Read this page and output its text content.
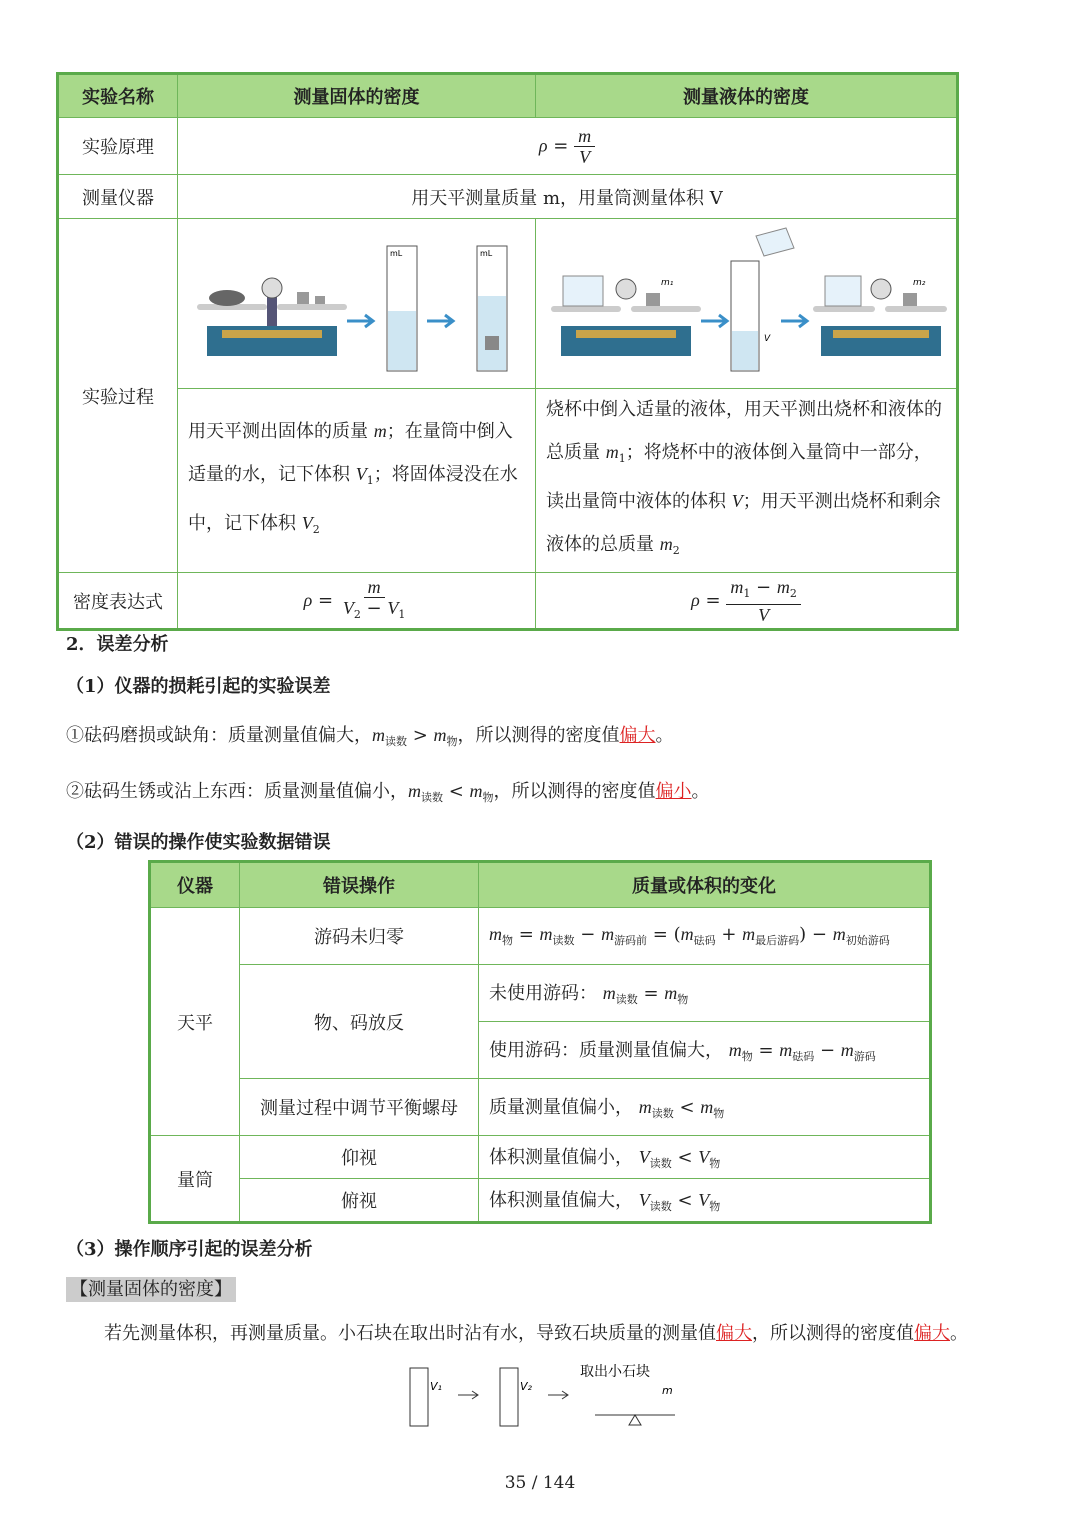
实验名称	测量固体的密度	测量液体的密度
实验原理	$\rho = \frac{m}{V}$

测量仪器	用天平测量质量 m，用量筒测量体积 V	
实验过程	mL mL	m₁
V
m₂

	用天平测出固体的质量 m；在量筒中倒入适量的水，记下体积 $V_1$；将固体浸没在水中，记下体积 $V_2$	烧杯中倒入适量的液体，用天平测出烧杯和液体的总质量 $m_1$；将烧杯中的液体倒入量筒中一部分，读出量筒中液体的体积 V；用天平测出烧杯和剩余液体的总质量 $m_2$
密度表达式	$\rho = \frac{m}{V_2 - V_1}$	$\rho = \frac{m_1 - m_2}{V}$
2．误差分析
（1）仪器的损耗引起的实验误差
①砝码磨损或缺角：质量测量值偏大，$m_{读数} > m_物$，所以测得的密度值偏大。
②砝码生锈或沾上东西：质量测量值偏小，$m_{读数} < m_物$，所以测得的密度值偏小。
（2）错误的操作使实验数据错误
仪器	错误操作	质量或体积的变化
天平	游码未归零	$m_物 = m_{读数} - m_{游码前} = (m_{砝码} + m_{最后游码}) - m_{初始游码}$
	物、码放反	未使用游码： $m_{读数} = m_物$
		使用游码：质量测量值偏大， $m_物 = m_{砝码} - m_{游码}$
	测量过程中调节平衡螺母	质量测量值偏小， $m_{读数} < m_物$
量筒	仰视	体积测量值偏小， $V_{读数} < V_物$
	俯视	体积测量值偏大， $V_{读数} < V_物$
（3）操作顺序引起的误差分析
【测量固体的密度】
若先测量体积，再测量质量。小石块在取出时沾有水，导致石块质量的测量值偏大，所以测得的密度值偏大。
V₁	V₂
取出小石块
m
35 / 144
